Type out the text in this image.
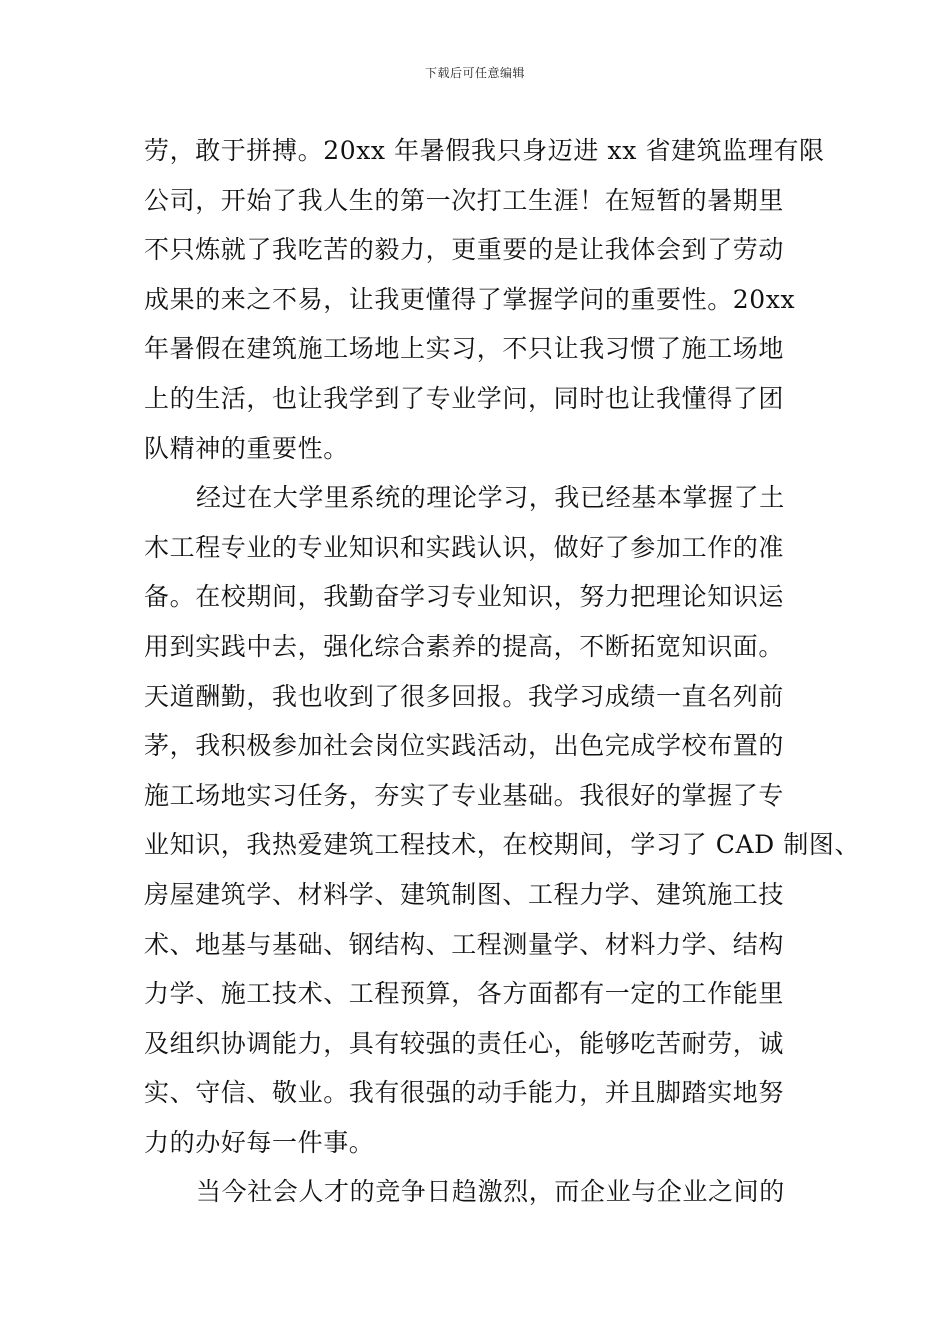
下载后可任意编辑
劳，敢于拼搏。20xx 年暑假我只身迈进 xx 省建筑监理有限
公司，开始了我人生的第一次打工生涯！在短暂的暑期里
不只炼就了我吃苦的毅力，更重要的是让我体会到了劳动
成果的来之不易，让我更懂得了掌握学问的重要性。20xx
年暑假在建筑施工场地上实习，不只让我习惯了施工场地
上的生活，也让我学到了专业学问，同时也让我懂得了团
队精神的重要性。
经过在大学里系统的理论学习，我已经基本掌握了土
木工程专业的专业知识和实践认识，做好了参加工作的准
备。在校期间，我勤奋学习专业知识，努力把理论知识运
用到实践中去，强化综合素养的提高，不断拓宽知识面。
天道酬勤，我也收到了很多回报。我学习成绩一直名列前
茅，我积极参加社会岗位实践活动，出色完成学校布置的
施工场地实习任务，夯实了专业基础。我很好的掌握了专
业知识，我热爱建筑工程技术，在校期间，学习了 CAD 制图、
房屋建筑学、材料学、建筑制图、工程力学、建筑施工技
术、地基与基础、钢结构、工程测量学、材料力学、结构
力学、施工技术、工程预算，各方面都有一定的工作能里
及组织协调能力，具有较强的责任心，能够吃苦耐劳，诚
实、守信、敬业。我有很强的动手能力，并且脚踏实地努
力的办好每一件事。
当今社会人才的竞争日趋激烈，而企业与企业之间的
